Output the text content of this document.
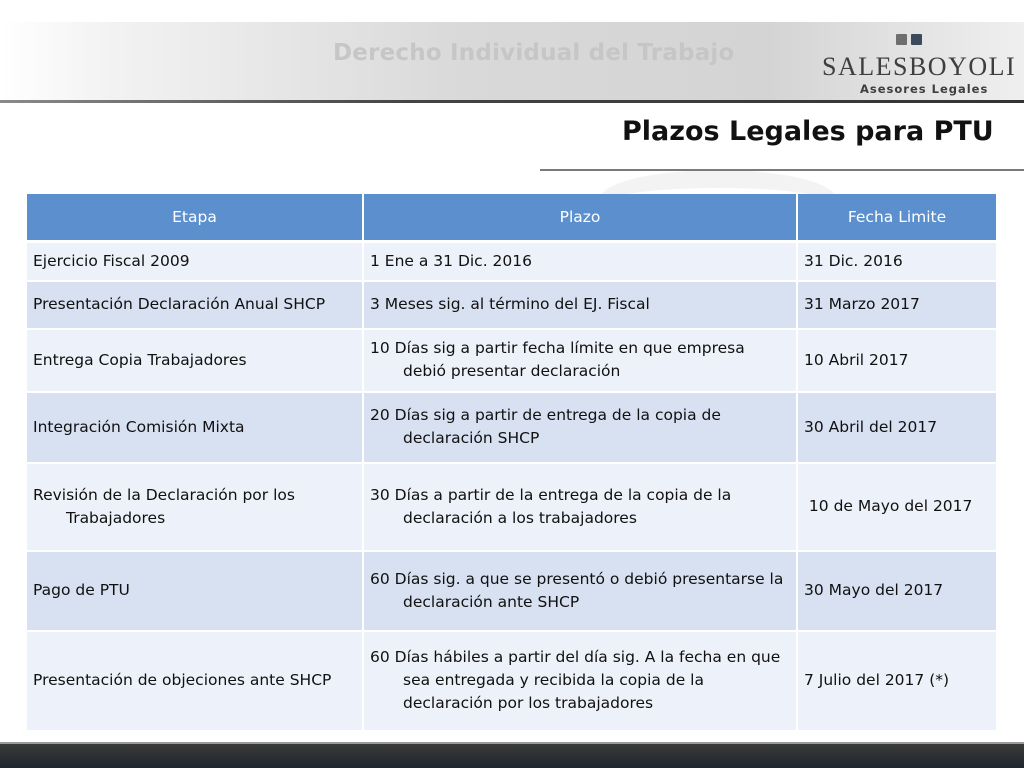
Derecho Individual del Trabajo	SALESBOYOLI
Asesores Legales
Plazos Legales para PTU
Etapa	Plazo	Fecha Limite
Ejercicio Fiscal 2009	1 Ene a 31 Dic. 2016	31 Dic. 2016
Presentación Declaración Anual SHCP	3 Meses sig. al término del EJ. Fiscal	31 Marzo 2017
Entrega Copia Trabajadores	10 Días sig a partir fecha límite en que empresa debió presentar declaración	10 Abril 2017
Integración Comisión Mixta	20 Días sig a partir de entrega de la copia de declaración SHCP	30 Abril del 2017
Revisión de la Declaración por los Trabajadores	30 Días a partir de la entrega de la copia de la declaración a los trabajadores	10 de Mayo del 2017
Pago de PTU	60 Días sig. a que se presentó o debió presentarse la declaración ante SHCP	30 Mayo del 2017
Presentación de objeciones ante SHCP	60 Días hábiles a partir del día sig. A la fecha en que sea entregada y recibida la copia de la declaración por los trabajadores	7 Julio del 2017 (*)
